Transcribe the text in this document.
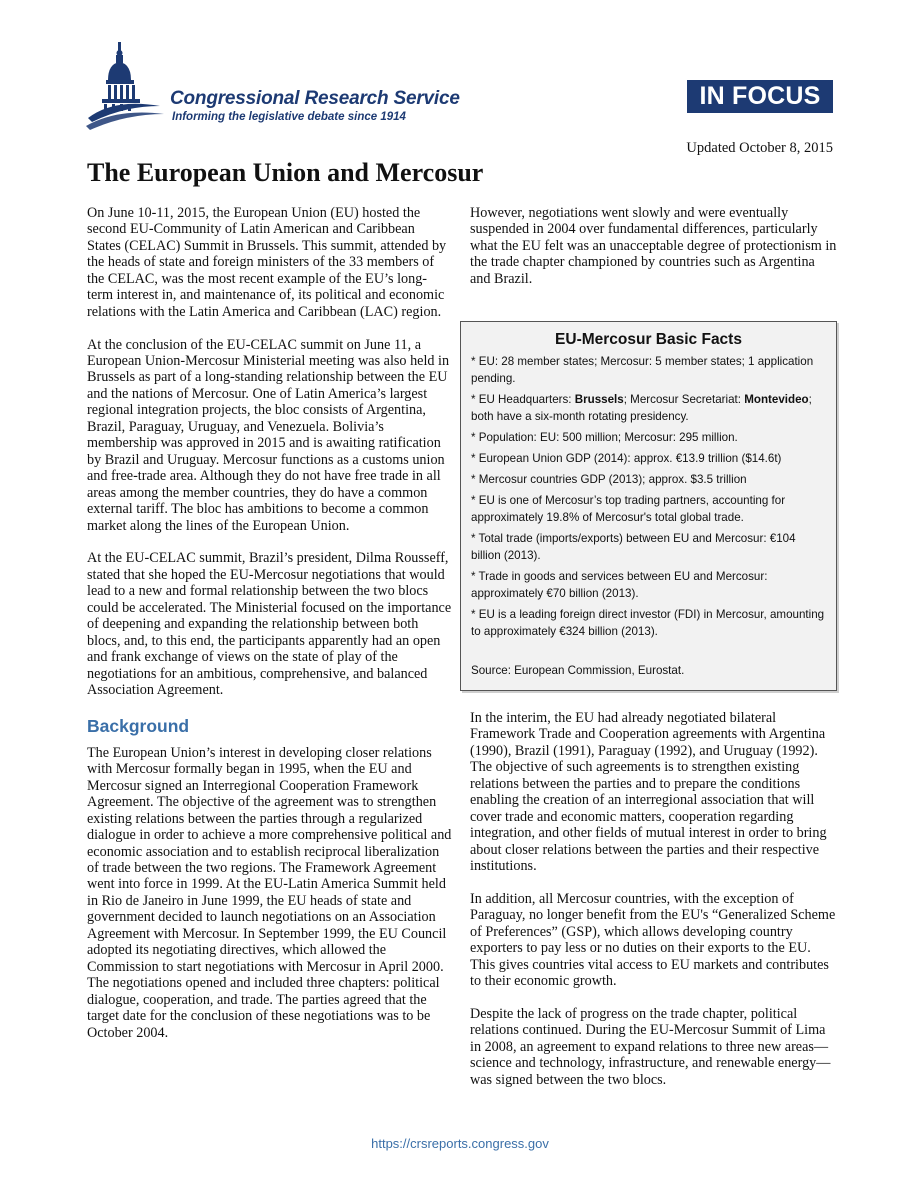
Congressional Research Service
Informing the legislative debate since 1914
IN FOCUS
Updated October 8, 2015
The European Union and Mercosur

On June 10-11, 2015, the European Union (EU) hosted the second EU-Community of Latin American and Caribbean States (CELAC) Summit in Brussels. This summit, attended by the heads of state and foreign ministers of the 33 members of the CELAC, was the most recent example of the EU’s long-term interest in, and maintenance of, its political and economic relations with the Latin America and Caribbean (LAC) region.

At the conclusion of the EU-CELAC summit on June 11, a European Union-Mercosur Ministerial meeting was also held in Brussels as part of a long-standing relationship between the EU and the nations of Mercosur. One of Latin America’s largest regional integration projects, the bloc consists of Argentina, Brazil, Paraguay, Uruguay, and Venezuela. Bolivia’s membership was approved in 2015 and is awaiting ratification by Brazil and Uruguay. Mercosur functions as a customs union and free-trade area. Although they do not have free trade in all areas among the member countries, they do have a common external tariff. The bloc has ambitions to become a common market along the lines of the European Union.

At the EU-CELAC summit, Brazil’s president, Dilma Rousseff, stated that she hoped the EU-Mercosur negotiations that would lead to a new and formal relationship between the two blocs could be accelerated. The Ministerial focused on the importance of deepening and expanding the relationship between both blocs, and, to this end, the participants apparently had an open and frank exchange of views on the state of play of the negotiations for an ambitious, comprehensive, and balanced Association Agreement.

Background

The European Union’s interest in developing closer relations with Mercosur formally began in 1995, when the EU and Mercosur signed an Interregional Cooperation Framework Agreement. The objective of the agreement was to strengthen existing relations between the parties through a regularized dialogue in order to achieve a more comprehensive political and economic association and to establish reciprocal liberalization of trade between the two regions. The Framework Agreement went into force in 1999. At the EU-Latin America Summit held in Rio de Janeiro in June 1999, the EU heads of state and government decided to launch negotiations on an Association Agreement with Mercosur. In September 1999, the EU Council adopted its negotiating directives, which allowed the Commission to start negotiations with Mercosur in April 2000. The negotiations opened and included three chapters: political dialogue, cooperation, and trade. The parties agreed that the target date for the conclusion of these negotiations was to be October 2004.

However, negotiations went slowly and were eventually suspended in 2004 over fundamental differences, particularly what the EU felt was an unacceptable degree of protectionism in the trade chapter championed by countries such as Argentina and Brazil.

EU-Mercosur Basic Facts
* EU: 28 member states; Mercosur: 5 member states; 1 application pending.
* EU Headquarters: Brussels; Mercosur Secretariat: Montevideo; both have a six-month rotating presidency.
* Population: EU: 500 million; Mercosur: 295 million.
* European Union GDP (2014): approx. €13.9 trillion ($14.6t)
* Mercosur countries GDP (2013); approx. $3.5 trillion
* EU is one of Mercosur’s top trading partners, accounting for approximately 19.8% of Mercosur's total global trade.
* Total trade (imports/exports) between EU and Mercosur: €104 billion (2013).
* Trade in goods and services between EU and Mercosur: approximately €70 billion (2013).
* EU is a leading foreign direct investor (FDI) in Mercosur, amounting to approximately €324 billion (2013).
Source: European Commission, Eurostat.

In the interim, the EU had already negotiated bilateral Framework Trade and Cooperation agreements with Argentina (1990), Brazil (1991), Paraguay (1992), and Uruguay (1992). The objective of such agreements is to strengthen existing relations between the parties and to prepare the conditions enabling the creation of an interregional association that will cover trade and economic matters, cooperation regarding integration, and other fields of mutual interest in order to bring about closer relations between the parties and their respective institutions.

In addition, all Mercosur countries, with the exception of Paraguay, no longer benefit from the EU's “Generalized Scheme of Preferences” (GSP), which allows developing country exporters to pay less or no duties on their exports to the EU. This gives countries vital access to EU markets and contributes to their economic growth.

Despite the lack of progress on the trade chapter, political relations continued. During the EU-Mercosur Summit of Lima in 2008, an agreement to expand relations to three new areas—science and technology, infrastructure, and renewable energy—was signed between the two blocs.

https://crsreports.congress.gov
